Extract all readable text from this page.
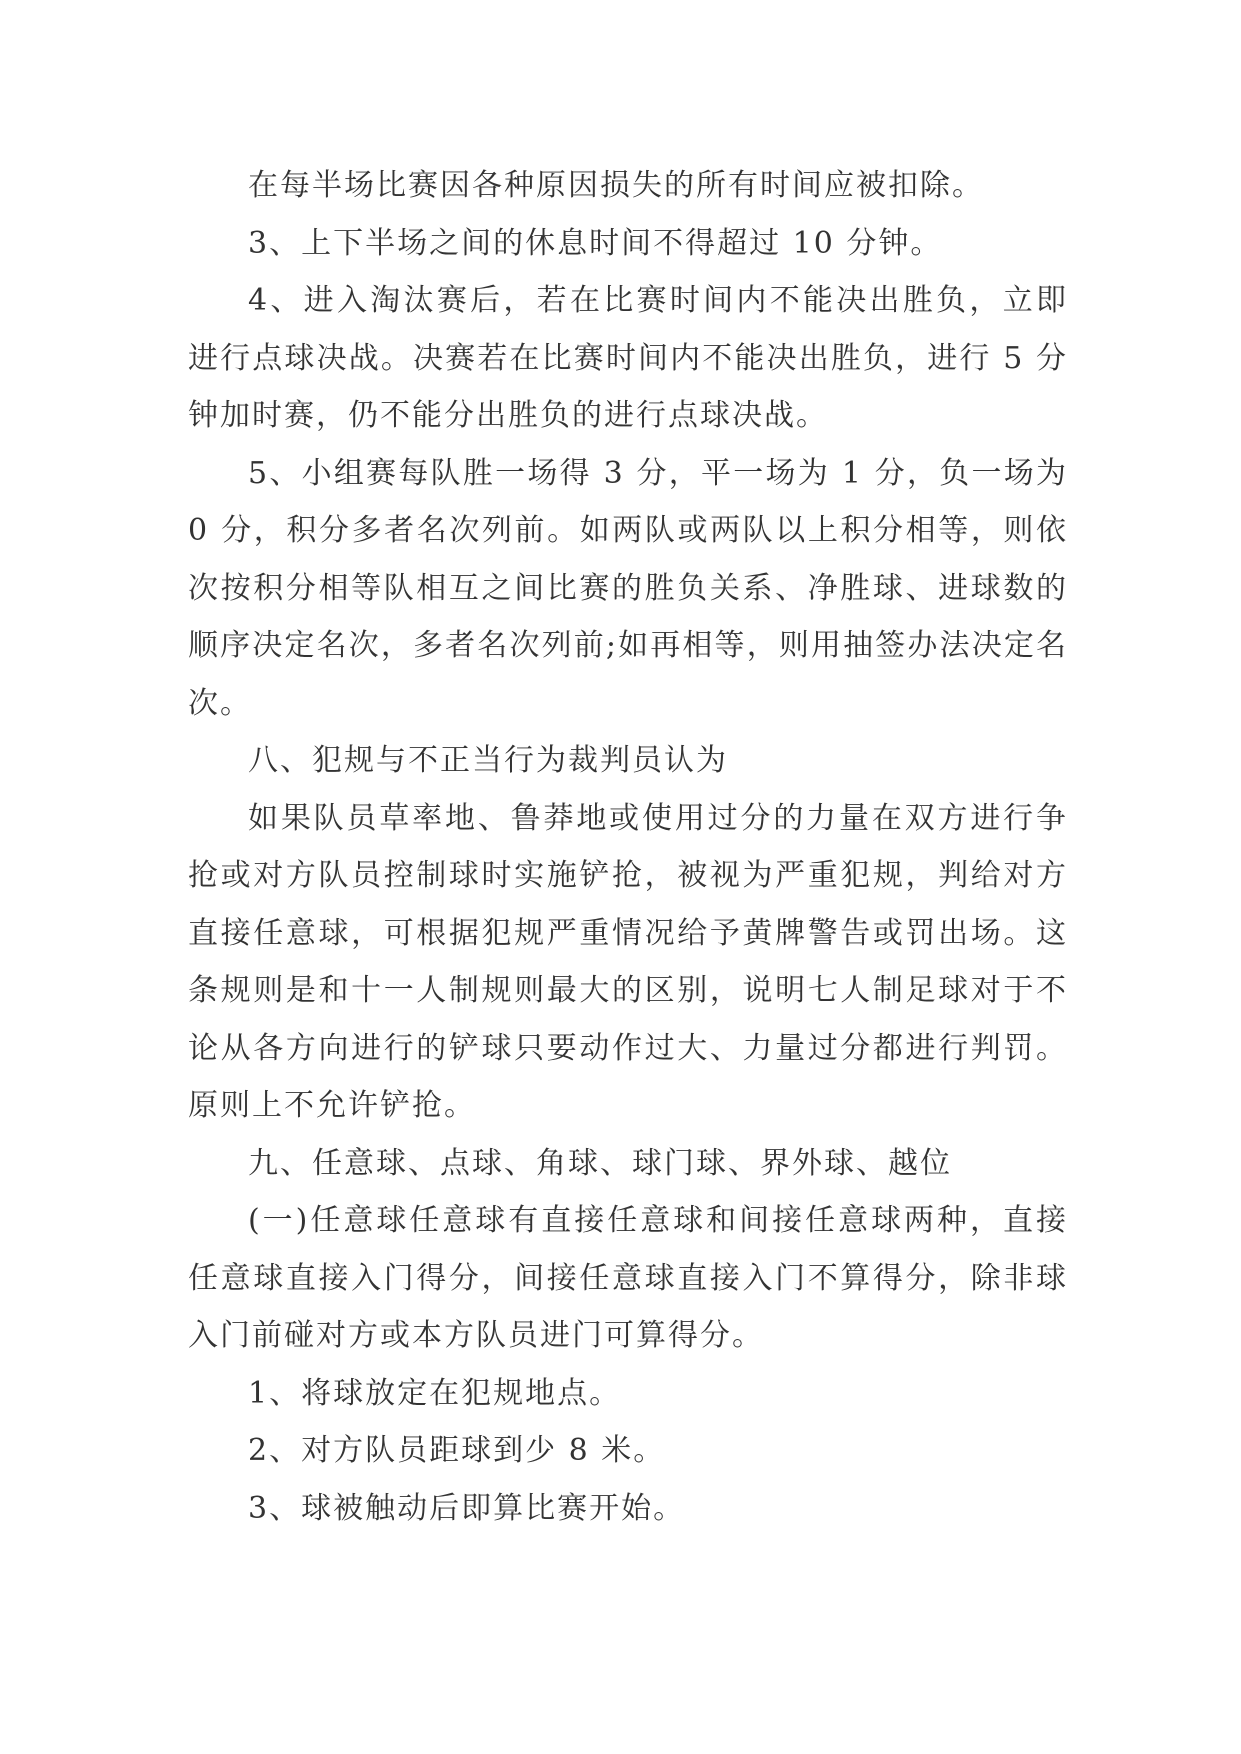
在每半场比赛因各种原因损失的所有时间应被扣除。

3、上下半场之间的休息时间不得超过 10 分钟。

4、进入淘汰赛后，若在比赛时间内不能决出胜负，立即进行点球决战。决赛若在比赛时间内不能决出胜负，进行 5 分钟加时赛，仍不能分出胜负的进行点球决战。

5、小组赛每队胜一场得 3 分，平一场为 1 分，负一场为 0 分，积分多者名次列前。如两队或两队以上积分相等，则依次按积分相等队相互之间比赛的胜负关系、净胜球、进球数的顺序决定名次，多者名次列前;如再相等，则用抽签办法决定名次。

八、犯规与不正当行为裁判员认为

如果队员草率地、鲁莽地或使用过分的力量在双方进行争抢或对方队员控制球时实施铲抢，被视为严重犯规，判给对方直接任意球，可根据犯规严重情况给予黄牌警告或罚出场。这条规则是和十一人制规则最大的区别，说明七人制足球对于不论从各方向进行的铲球只要动作过大、力量过分都进行判罚。原则上不允许铲抢。

九、任意球、点球、角球、球门球、界外球、越位

(一)任意球任意球有直接任意球和间接任意球两种，直接任意球直接入门得分，间接任意球直接入门不算得分，除非球入门前碰对方或本方队员进门可算得分。

1、将球放定在犯规地点。

2、对方队员距球到少 8 米。

3、球被触动后即算比赛开始。
